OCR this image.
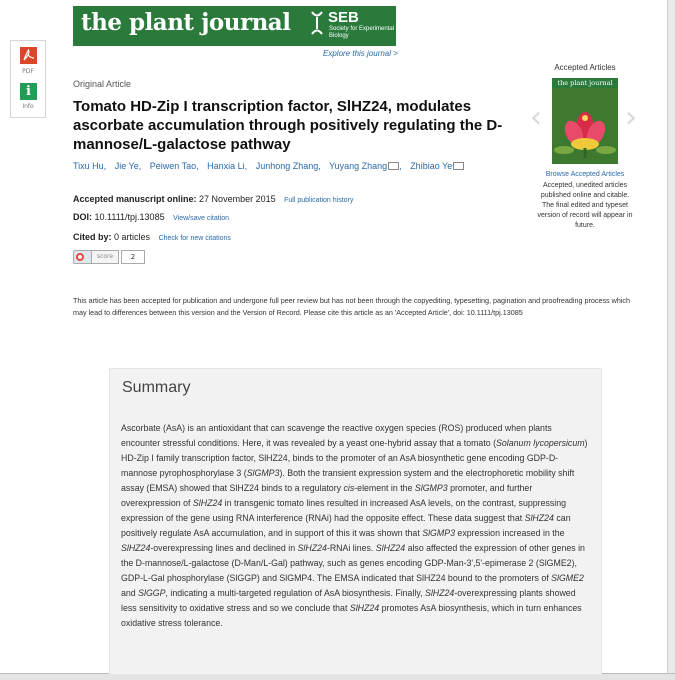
the plant journal	SEB
Society for Experimental Biology
Explore this journal >
PDF
i
Info
Original Article
Tomato HD-Zip I transcription factor, SlHZ24, modulates ascorbate accumulation through positively regulating the D-mannose/L-galactose pathway
Tixu Hu, Jie Ye, Peiwen Tao, Hanxia Li, Junhong Zhang, Yuyang Zhang , Zhibiao Ye
Accepted manuscript online: 27 November 2015 Full publication history
DOI: 10.1111/tpj.13085 View/save citation
Cited by: 0 articles Check for new citations
score	2

This article has been accepted for publication and undergone full peer review but has not been through the copyediting, typesetting, pagination and proofreading process which may lead to differences between this version and the Version of Record. Please cite this article as an 'Accepted Article', doi: 10.1111/tpj.13085

Accepted Articles
‹
the plant journal
›
Browse Accepted Articles
Accepted, unedited articles published online and citable. The final edited and typeset version of record will appear in future.
Summary
Ascorbate (AsA) is an antioxidant that can scavenge the reactive oxygen species (ROS) produced when plants encounter stressful conditions. Here, it was revealed by a yeast one-hybrid assay that a tomato (Solanum lycopersicum) HD-Zip I family transcription factor, SlHZ24, binds to the promoter of an AsA biosynthetic gene encoding GDP-D-mannose pyrophosphorylase 3 (SlGMP3). Both the transient expression system and the electrophoretic mobility shift assay (EMSA) showed that SlHZ24 binds to a regulatory cis-element in the SlGMP3 promoter, and further overexpression of SlHZ24 in transgenic tomato lines resulted in increased AsA levels, on the contrast, suppressing expression of the gene using RNA interference (RNAi) had the opposite effect. These data suggest that SlHZ24 can positively regulate AsA accumulation, and in support of this it was shown that SlGMP3 expression increased in the SlHZ24-overexpressing lines and declined in SlHZ24-RNAi lines. SlHZ24 also affected the expression of other genes in the D-mannose/L-galactose (D-Man/L-Gal) pathway, such as genes encoding GDP-Man-3',5'-epimerase 2 (SlGME2), GDP-L-Gal phosphorylase (SlGGP) and SlGMP4. The EMSA indicated that SlHZ24 bound to the promoters of SlGME2 and SlGGP, indicating a multi-targeted regulation of AsA biosynthesis. Finally, SlHZ24-overexpressing plants showed less sensitivity to oxidative stress and so we conclude that SlHZ24 promotes AsA biosynthesis, which in turn enhances oxidative stress tolerance.
